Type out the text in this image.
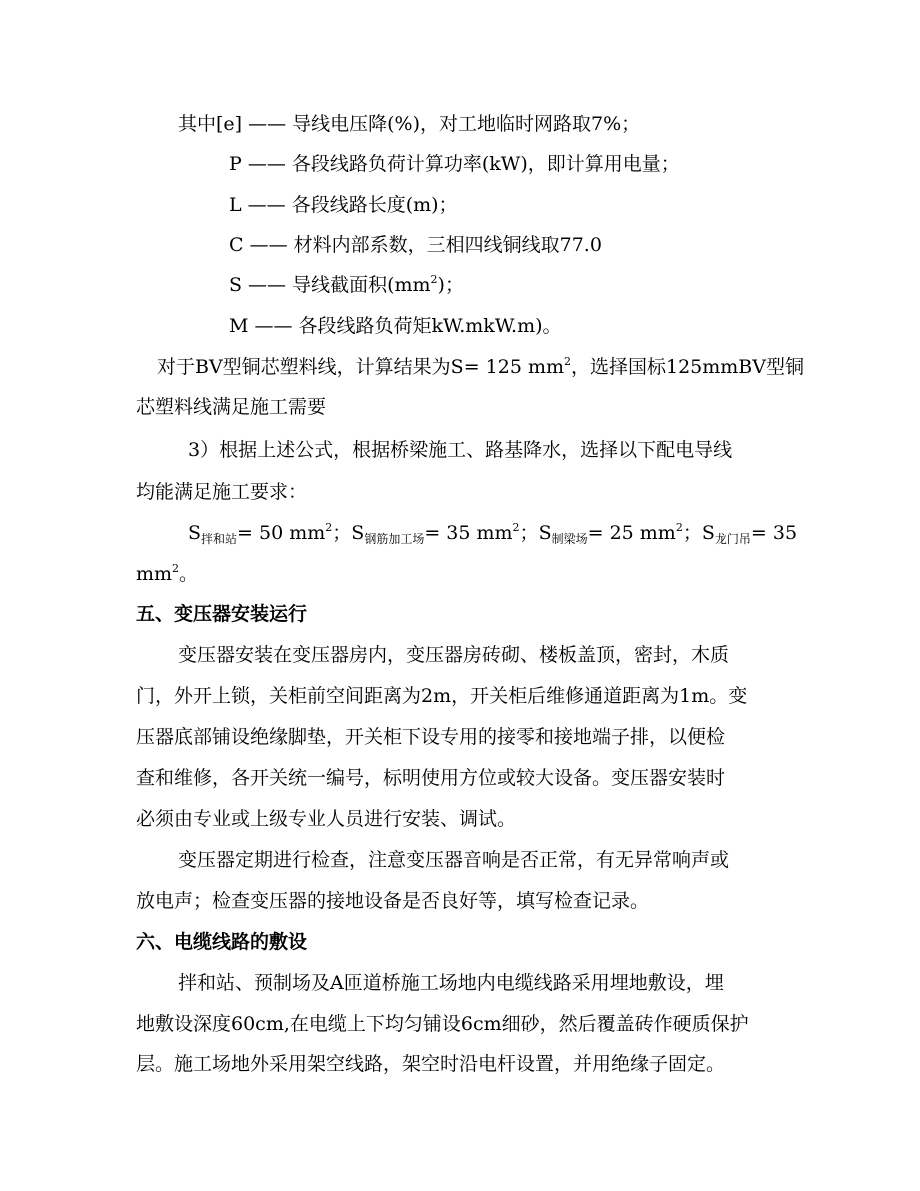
其中[e] —— 导线电压降(%)，对工地临时网路取7%；
P —— 各段线路负荷计算功率(kW)，即计算用电量；
L —— 各段线路长度(m)；
C —— 材料内部系数，三相四线铜线取77.0
S —— 导线截面积$(mm^2)$；
M —— 各段线路负荷矩kW.mkW.m)。
对于BV型铜芯塑料线，计算结果为S= 125 $mm^2$，选择国标125mmBV型铜
芯塑料线满足施工需要
3）根据上述公式，根据桥梁施工、路基降水，选择以下配电导线
均能满足施工要求：
$S_{拌和站}= 50$ $mm^2$；$S_{钢筋加工场}= 35$ $mm^2$；$S_{制梁场}= 25$ $mm^2$；$S_{龙门吊}= 35$
$mm^2$。
五、变压器安装运行
变压器安装在变压器房内，变压器房砖砌、楼板盖顶，密封，木质
门，外开上锁，关柜前空间距离为2m，开关柜后维修通道距离为1m。变
压器底部铺设绝缘脚垫，开关柜下设专用的接零和接地端子排，以便检
查和维修，各开关统一编号，标明使用方位或较大设备。变压器安装时
必须由专业或上级专业人员进行安装、调试。
变压器定期进行检查，注意变压器音响是否正常，有无异常响声或
放电声；检查变压器的接地设备是否良好等，填写检查记录。
六、电缆线路的敷设
拌和站、预制场及A匝道桥施工场地内电缆线路采用埋地敷设，埋
地敷设深度60cm,在电缆上下均匀铺设6cm细砂，然后覆盖砖作硬质保护
层。施工场地外采用架空线路，架空时沿电杆设置，并用绝缘子固定。
